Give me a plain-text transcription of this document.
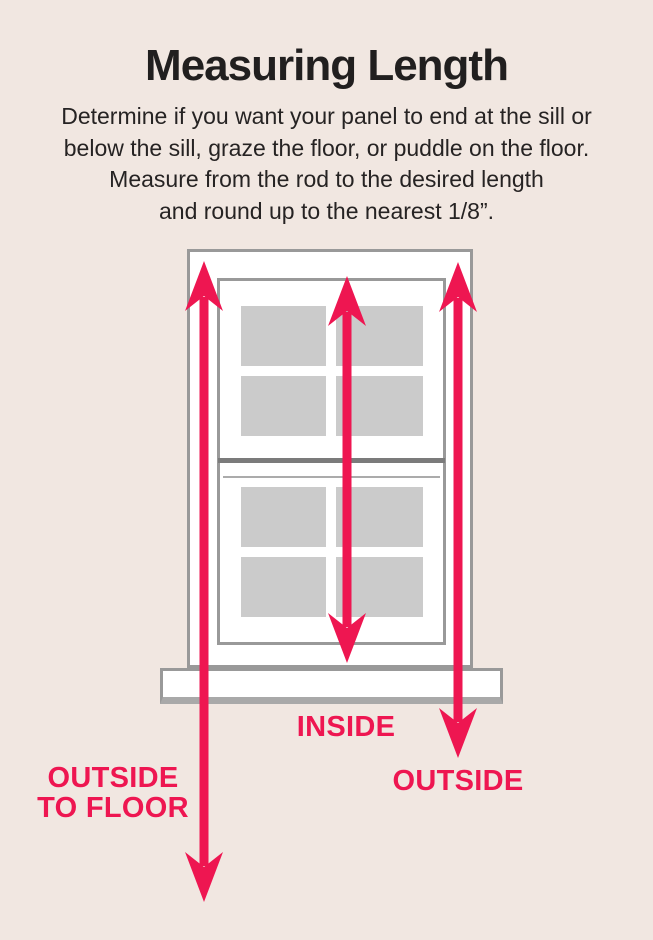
Measuring Length
Determine if you want your panel to end at the sill or
below the sill, graze the floor, or puddle on the floor.
Measure from the rod to the desired length
and round up to the nearest 1/8”.
INSIDE
OUTSIDE
OUTSIDE
TO FLOOR
